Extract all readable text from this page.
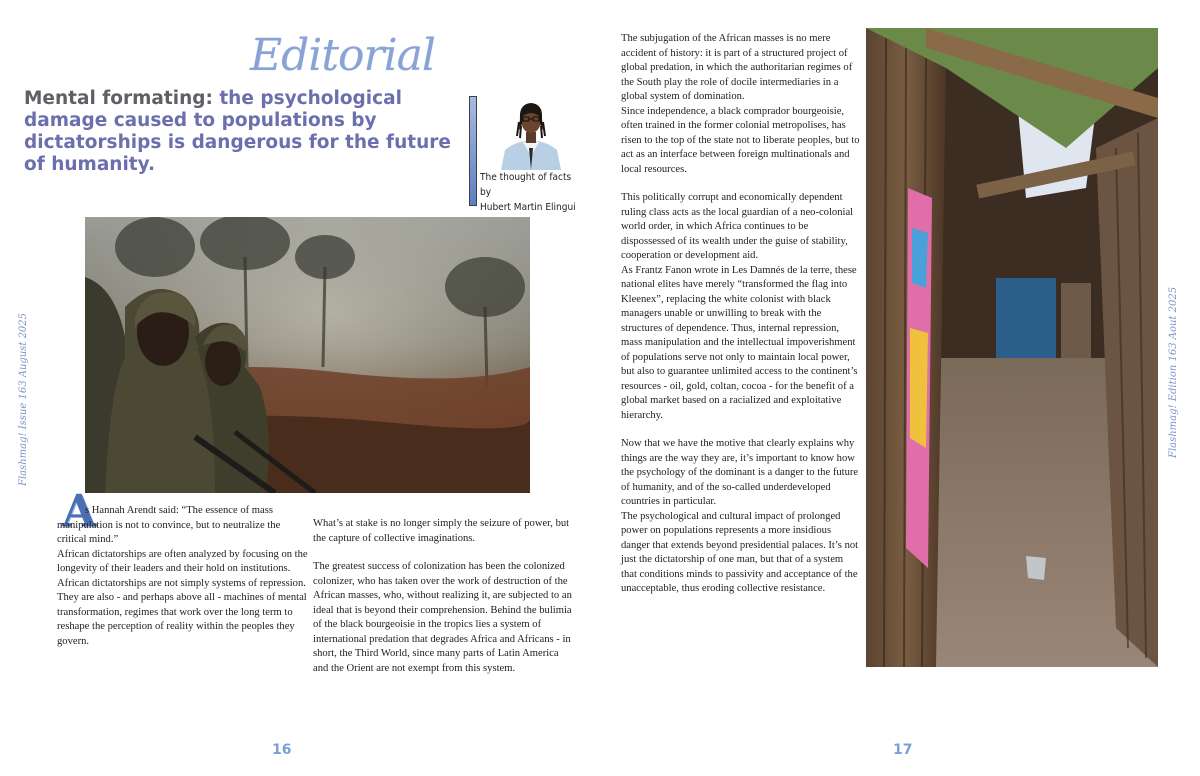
Editorial
Mental formating: the psychological damage caused to populations by dictatorships is dangerous for the future of humanity.
The thought of facts by
Hubert Martin Elingui
Flashmag! Issue 163 August 2025
A

s Hannah Arendt said: “The essence of mass manipulation is not to convince, but to neutralize the critical mind.”

African dictatorships are often analyzed by focusing on the longevity of their leaders and their hold on institutions.

African dictatorships are not simply systems of repression. They are also - and perhaps above all - machines of mental transformation, regimes that work over the long term to reshape the perception of reality within the peoples they govern.

What’s at stake is no longer simply the seizure of power, but the capture of collective imaginations.

The greatest success of colonization has been the colonized colonizer, who has taken over the work of destruction of the African masses, who, without realizing it, are subjected to an ideal that is beyond their comprehension. Behind the bulimia of the black bourgeoisie in the tropics lies a system of international predation that degrades Africa and Africans - in short, the Third World, since many parts of Latin America and the Orient are not exempt from this system.

16

The subjugation of the African masses is no mere accident of history: it is part of a structured project of global predation, in which the authoritarian regimes of the South play the role of docile intermediaries in a global system of domination.

Since independence, a black comprador bourgeoisie, often trained in the former colonial metropolises, has risen to the top of the state not to liberate peoples, but to act as an interface between foreign multinationals and local resources.

This politically corrupt and economically dependent ruling class acts as the local guardian of a neo-colonial world order, in which Africa continues to be dispossessed of its wealth under the guise of stability, cooperation or development aid.

As Frantz Fanon wrote in Les Damnés de la terre, these national elites have merely “transformed the flag into Kleenex”, replacing the white colonist with black managers unable or unwilling to break with the structures of dependence. Thus, internal repression, mass manipulation and the intellectual impoverishment of populations serve not only to maintain local power, but also to guarantee unlimited access to the continent’s resources - oil, gold, coltan, cocoa - for the benefit of a global market based on a racialized and exploitative hierarchy.

Now that we have the motive that clearly explains why things are the way they are, it’s important to know how the psychology of the dominant is a danger to the future of humanity, and of the so-called underdeveloped countries in particular.

The psychological and cultural impact of prolonged power on populations represents a more insidious danger that extends beyond presidential palaces. It’s not just the dictatorship of one man, but that of a system that conditions minds to passivity and acceptance of the unacceptable, thus eroding collective resistance.

Flashmag! Edition 163 Aout 2025
17
